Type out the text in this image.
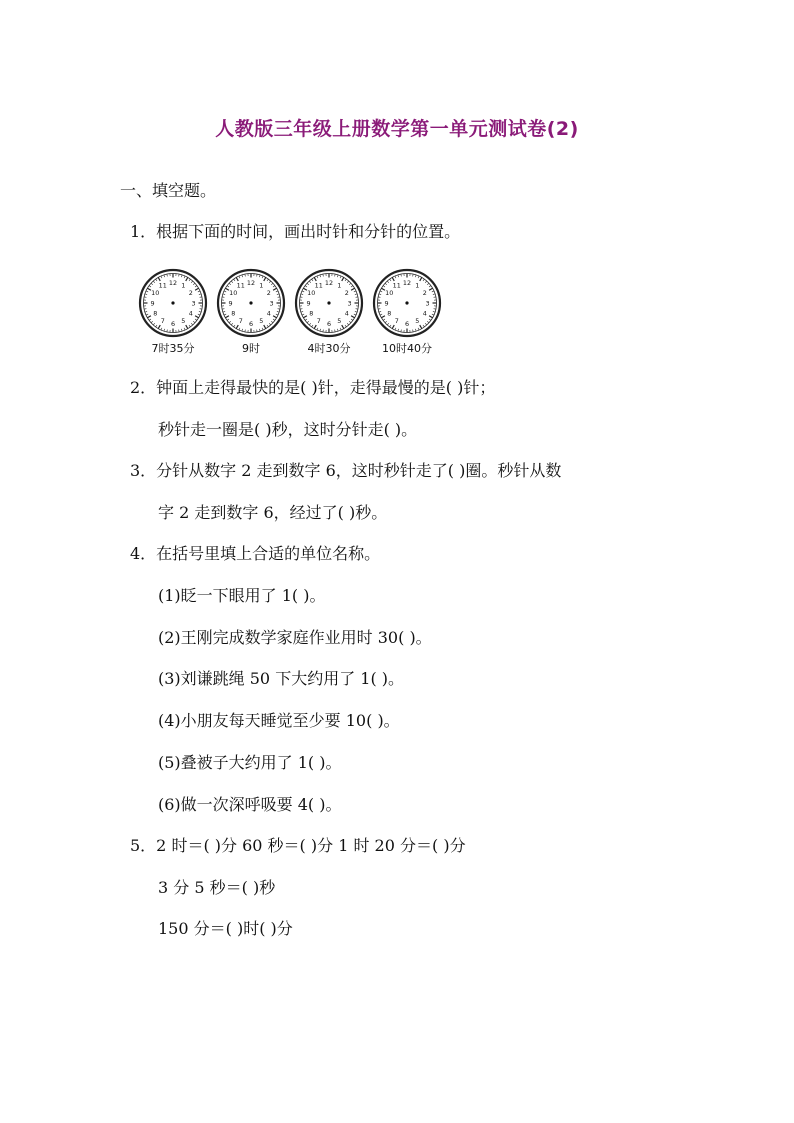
人教版三年级上册数学第一单元测试卷(2)
一、填空题。
1．根据下面的时间，画出时针和分针的位置。
1
2
3
4
5
6
7
8
9
10
11 12
7时35分
1
2
3
4
5
6
7
8
9
10
11 12
9时
1
2
3
4
5
6
7
8
9
10
11 12
4时30分
1
2
3
4
5
6
7
8
9
10
11 12
10时40分
2．钟面上走得最快的是( )针，走得最慢的是( )针；
秒针走一圈是( )秒，这时分针走( )。
3．分针从数字 2 走到数字 6，这时秒针走了( )圈。秒针从数
字 2 走到数字 6，经过了( )秒。
4．在括号里填上合适的单位名称。
(1)眨一下眼用了 1( )。
(2)王刚完成数学家庭作业用时 30( )。
(3)刘谦跳绳 50 下大约用了 1( )。
(4)小朋友每天睡觉至少要 10( )。
(5)叠被子大约用了 1( )。
(6)做一次深呼吸要 4( )。
5．2 时＝( )分 60 秒＝( )分 1 时 20 分＝( )分
3 分 5 秒＝( )秒
150 分＝( )时( )分
